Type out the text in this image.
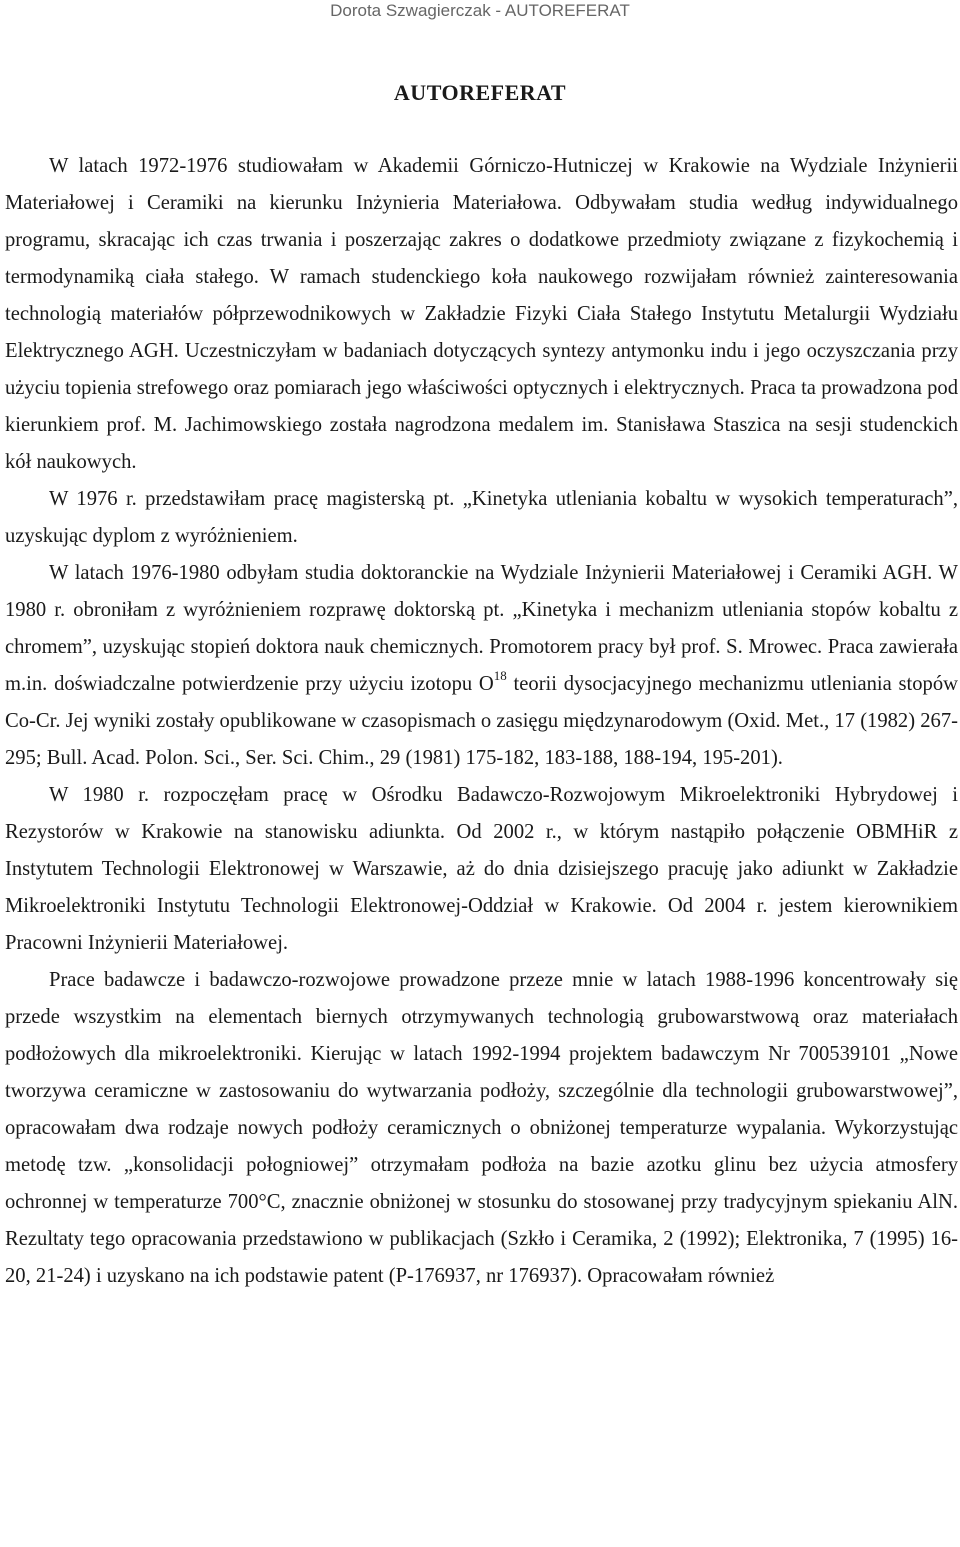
Dorota Szwagierczak - AUTOREFERAT
AUTOREFERAT

W latach 1972-1976 studiowałam w Akademii Górniczo-Hutniczej w Krakowie na Wydziale Inżynierii Materiałowej i Ceramiki na kierunku Inżynieria Materiałowa. Odbywałam studia według indywidualnego programu, skracając ich czas trwania i poszerzając zakres o dodatkowe przedmioty związane z fizykochemią i termodynamiką ciała stałego. W ramach studenckiego koła naukowego rozwijałam również zainteresowania technologią materiałów półprzewodnikowych w Zakładzie Fizyki Ciała Stałego Instytutu Metalurgii Wydziału Elektrycznego AGH. Uczestniczyłam w badaniach dotyczących syntezy antymonku indu i jego oczyszczania przy użyciu topienia strefowego oraz pomiarach jego właściwości optycznych i elektrycznych. Praca ta prowadzona pod kierunkiem prof. M. Jachimowskiego została nagrodzona medalem im. Stanisława Staszica na sesji studenckich kół naukowych.

W 1976 r. przedstawiłam pracę magisterską pt. „Kinetyka utleniania kobaltu w wysokich temperaturach”, uzyskując dyplom z wyróżnieniem.

W latach 1976-1980 odbyłam studia doktoranckie na Wydziale Inżynierii Materiałowej i Ceramiki AGH. W 1980 r. obroniłam z wyróżnieniem rozprawę doktorską pt. „Kinetyka i mechanizm utleniania stopów kobaltu z chromem”, uzyskując stopień doktora nauk chemicznych. Promotorem pracy był prof. S. Mrowec. Praca zawierała m.in. doświadczalne potwierdzenie przy użyciu izotopu $O^{18}$ teorii dysocjacyjnego mechanizmu utleniania stopów Co-Cr. Jej wyniki zostały opublikowane w czasopismach o zasięgu międzynarodowym (Oxid. Met., 17 (1982) 267-295; Bull. Acad. Polon. Sci., Ser. Sci. Chim., 29 (1981) 175-182, 183-188, 188-194, 195-201).

W 1980 r. rozpoczęłam pracę w Ośrodku Badawczo-Rozwojowym Mikroelektroniki Hybrydowej i Rezystorów w Krakowie na stanowisku adiunkta. Od 2002 r., w którym nastąpiło połączenie OBMHiR z Instytutem Technologii Elektronowej w Warszawie, aż do dnia dzisiejszego pracuję jako adiunkt w Zakładzie Mikroelektroniki Instytutu Technologii Elektronowej-Oddział w Krakowie. Od 2004 r. jestem kierownikiem Pracowni Inżynierii Materiałowej.

Prace badawcze i badawczo-rozwojowe prowadzone przeze mnie w latach 1988-1996 koncentrowały się przede wszystkim na elementach biernych otrzymywanych technologią grubowarstwową oraz materiałach podłożowych dla mikroelektroniki. Kierując w latach 1992-1994 projektem badawczym Nr 700539101 „Nowe tworzywa ceramiczne w zastosowaniu do wytwarzania podłoży, szczególnie dla technologii grubowarstwowej”, opracowałam dwa rodzaje nowych podłoży ceramicznych o obniżonej temperaturze wypalania. Wykorzystując metodę tzw. „konsolidacji połogniowej” otrzymałam podłoża na bazie azotku glinu bez użycia atmosfery ochronnej w temperaturze 700°C, znacznie obniżonej w stosunku do stosowanej przy tradycyjnym spiekaniu AlN. Rezultaty tego opracowania przedstawiono w publikacjach (Szkło i Ceramika, 2 (1992); Elektronika, 7 (1995) 16-20, 21-24) i uzyskano na ich podstawie patent (P-176937, nr 176937). Opracowałam również
